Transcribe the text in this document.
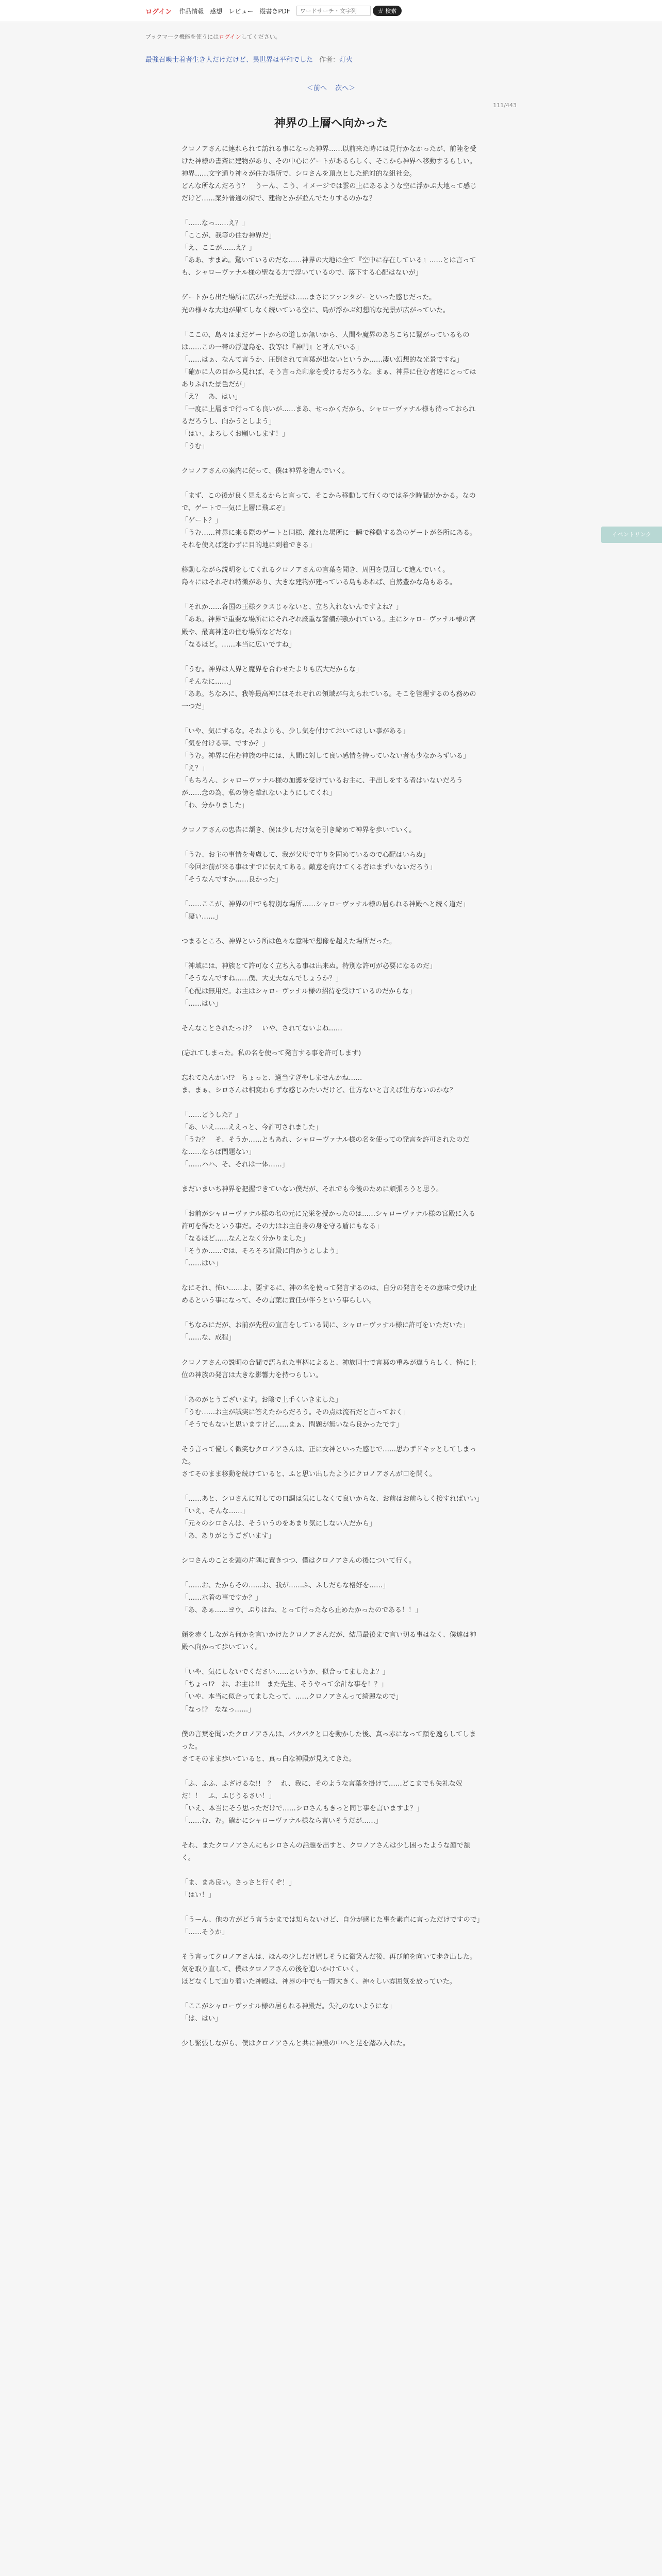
ログイン 作品情報 感想 レビュー 縦書きPDF
ワードサーチ・文字列	ガ 検索
ブックマーク機能を使うにはログインしてください。
最強召喚士着者生き人だけだけど、異世界は平和でした 作者：灯火
＜前へ 次へ＞
111/443
神界の上層へ向かった

クロノアさんに連れられて訪れる事になった神界……以前来た時には見行かなかったが、前陸を受けた神様の書斎に建物があり、その中心にゲートがあるらしく、そこから神界へ移動するらしい。

神界……文字通り神々が住む場所で、シロさんを頂点とした絶対的な組社会。

どんな所なんだろう？　うーん、こう、イメージでは雲の上にあるような空に浮かぶ大地って感じだけど……案外普通の街で、建物とかが並んでたりするのかな？

「……なっ……え？」

「ここが、我等の住む神界だ」

「え、ここが……え？」

「ああ、すまぬ。驚いているのだな……神界の大地は全て『空中に存在している』……とは言っても、シャローヴァナル様の聖なる力で浮いているので、落下する心配はないが」

ゲートから出た場所に広がった光景は……まさにファンタジーといった感じだった。

光の様々な大地が果てしなく続いている空に、島が浮かぶ幻想的な光景が広がっていた。

「ここの、島々はまだゲートからの道しか無いから、人間や魔界のあちこちに繋がっているものは……この一帯の浮遊島を、我等は『神門』と呼んでいる」

「……はぁ、なんて言うか、圧倒されて言葉が出ないというか……凄い幻想的な光景ですね」

「確かに人の目から見れば、そう言った印象を受けるだろうな。まぁ、神界に住む者達にとってはありふれた景色だが」

「え？　あ、はい」

「一度に上層まで行っても良いが……まあ、せっかくだから、シャローヴァナル様も待っておられるだろうし、向かうとしよう」

「はい、よろしくお願いします！」

「うむ」

クロノアさんの案内に従って、僕は神界を進んでいく。

「まず、この後が良く見えるからと言って、そこから移動して行くのでは多少時間がかかる。なので、ゲートで一気に上層に飛ぶぞ」

「ゲート？」

「うむ……神界に来る際のゲートと同様、離れた場所に一瞬で移動する為のゲートが各所にある。それを使えば迷わずに目的地に到着できる」

移動しながら説明をしてくれるクロノアさんの言葉を聞き、周囲を見回して進んでいく。

島々にはそれぞれ特徴があり、大きな建物が建っている島もあれば、自然豊かな島もある。

「それか……各国の王様クラスじゃないと、立ち入れないんですよね？」

「ああ。神界で重要な場所にはそれぞれ厳重な警備が敷かれている。主にシャローヴァナル様の宮殿や、最高神達の住む場所などだな」

「なるほど。……本当に広いですね」

「うむ。神界は人界と魔界を合わせたよりも広大だからな」

「そんなに……」

「ああ。ちなみに、我等最高神にはそれぞれの領域が与えられている。そこを管理するのも務めの一つだ」

「いや、気にするな。それよりも、少し気を付けておいてほしい事がある」

「気を付ける事、ですか？」

「うむ。神界に住む神族の中には、人間に対して良い感情を持っていない者も少なからずいる」

「え？」

「もちろん、シャローヴァナル様の加護を受けているお主に、手出しをする者はいないだろうが……念の為、私の傍を離れないようにしてくれ」

「わ、分かりました」

クロノアさんの忠告に頷き、僕は少しだけ気を引き締めて神界を歩いていく。

「うむ、お主の事情を考慮して、我が父母で守りを固めているので心配はいらぬ」

「今回お前が来る事はすでに伝えてある。敵意を向けてくる者はまずいないだろう」

「そうなんですか……良かった」

「……ここが、神界の中でも特別な場所……シャローヴァナル様の居られる神殿へと続く道だ」

「凄い……」

つまるところ、神界という所は色々な意味で想像を超えた場所だった。

「神域には、神族とて許可なく立ち入る事は出来ぬ。特別な許可が必要になるのだ」

「そうなんですね……僕、大丈夫なんでしょうか？」

「心配は無用だ。お主はシャローヴァナル様の招待を受けているのだからな」

「……はい」

そんなことされたっけ？　いや、されてないよね……

(忘れてしまった。私の名を使って発言する事を許可します)

忘れてたんかい!?　ちょっと、適当すぎやしませんかね……

ま、まぁ、シロさんは相変わらずな感じみたいだけど、仕方ないと言えば仕方ないのかな？

「……どうした？」

「あ、いえ……ええっと、今許可されました」

「うむ？　そ、そうか……ともあれ、シャローヴァナル様の名を使っての発言を許可されたのだな……ならば問題ない」

「……ハハ、そ、それは一体……」

まだいまいち神界を把握できていない僕だが、それでも今後のために頑張ろうと思う。

「お前がシャローヴァナル様の名の元に光栄を授かったのは……シャローヴァナル様の宮殿に入る許可を得たという事だ。その力はお主自身の身を守る盾にもなる」

「なるほど……なんとなく分かりました」

「そうか……では、そろそろ宮殿に向かうとしよう」

「……はい」

なにそれ、怖い……よ、要するに、神の名を使って発言するのは、自分の発言をその意味で受け止めるという事になって、その言葉に責任が伴うという事らしい。

「ちなみにだが、お前が先程の宣言をしている間に、シャローヴァナル様に許可をいただいた」

「……な、成程」

クロノアさんの説明の合間で語られた事柄によると、神族同士で言葉の重みが違うらしく、特に上位の神族の発言は大きな影響力を持つらしい。

「あのがとうございます。お陰で上手くいきました」

「うむ……お主が誠実に答えたからだろう。その点は流石だと言っておく」

「そうでもないと思いますけど……まぁ、問題が無いなら良かったです」

そう言って優しく微笑むクロノアさんは、正に女神といった感じで……思わずドキッとしてしまった。

さてそのまま移動を続けていると、ふと思い出したようにクロノアさんが口を開く。

「……あと、シロさんに対しての口調は気にしなくて良いからな、お前はお前らしく接すればいい」

「いえ、そんな……」

「元々のシロさんは、そういうのをあまり気にしない人だから」

「あ、ありがとうございます」

シロさんのことを頭の片隅に置きつつ、僕はクロノアさんの後について行く。

「……お、たからその……お、我が……ふ、ふしだらな格好を……」

「……水着の事ですか？」

「あ、あぁ……ヨウ、ぷりはね、とって行ったなら止めたかったのである！！」

顔を赤くしながら何かを言いかけたクロノアさんだが、結局最後まで言い切る事はなく、僕達は神殿へ向かって歩いていく。

「いや、気にしないでください……というか、似合ってましたよ？」

「ちょっ!?　お、お主は!!　また先生、そうやって余計な事を！？」

「いや、本当に似合ってましたって、……クロノアさんって綺麗なので」

「なっ!?　ななっ……」

僕の言葉を聞いたクロノアさんは、パクパクと口を動かした後、真っ赤になって顔を逸らしてしまった。

さてそのまま歩いていると、真っ白な神殿が見えてきた。

「ふ、ふふ、ふざけるな!!　？　れ、我に、そのような言葉を掛けて……どこまでも失礼な奴だ！！　ふ、ふじうるさい！」

「いえ、本当にそう思っただけで……シロさんもきっと同じ事を言いますよ？」

「……む、む。確かにシャローヴァナル様なら言いそうだが……」

それ、またクロノアさんにもシロさんの話題を出すと、クロノアさんは少し困ったような顔で頷く。

「ま、まあ良い。さっさと行くぞ！」

「はい！」

「うーん、他の方がどう言うかまでは知らないけど、自分が感じた事を素直に言っただけですので」

「……そうか」

そう言ってクロノアさんは、ほんの少しだけ嬉しそうに微笑んだ後、再び前を向いて歩き出した。

気を取り直して、僕はクロノアさんの後を追いかけていく。

ほどなくして辿り着いた神殿は、神界の中でも一際大きく、神々しい雰囲気を放っていた。

「ここがシャローヴァナル様の居られる神殿だ。失礼のないようにな」

「は、はい」

少し緊張しながら、僕はクロノアさんと共に神殿の中へと足を踏み入れた。

イベントリンク
